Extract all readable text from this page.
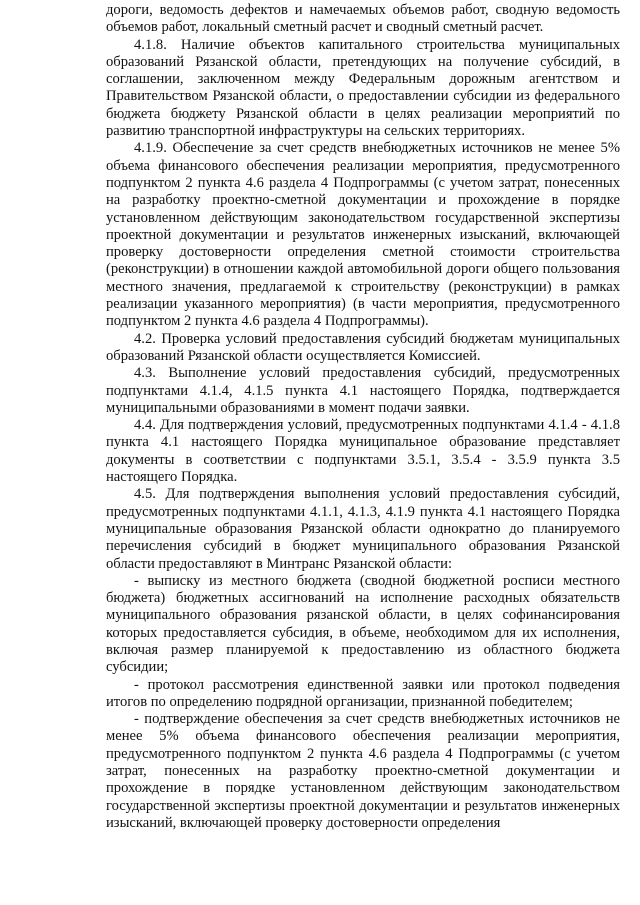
дороги, ведомость дефектов и намечаемых объемов работ, сводную ведомость объемов работ, локальный сметный расчет и сводный сметный расчет.

4.1.8. Наличие объектов капитального строительства муниципальных образований Рязанской области, претендующих на получение субсидий, в соглашении, заключенном между Федеральным дорожным агентством и Правительством Рязанской области, о предоставлении субсидии из федерального бюджета бюджету Рязанской области в целях реализации мероприятий по развитию транспортной инфраструктуры на сельских территориях.

4.1.9. Обеспечение за счет средств внебюджетных источников не менее 5% объема финансового обеспечения реализации мероприятия, предусмотренного подпунктом 2 пункта 4.6 раздела 4 Подпрограммы (с учетом затрат, понесенных на разработку проектно-сметной документации и прохождение в порядке установленном действующим законодательством государственной экспертизы проектной документации и результатов инженерных изысканий, включающей проверку достоверности определения сметной стоимости строительства (реконструкции) в отношении каждой автомобильной дороги общего пользования местного значения, предлагаемой к строительству (реконструкции) в рамках реализации указанного мероприятия) (в части мероприятия, предусмотренного подпунктом 2 пункта 4.6 раздела 4 Подпрограммы).

4.2. Проверка условий предоставления субсидий бюджетам муниципальных образований Рязанской области осуществляется Комиссией.

4.3. Выполнение условий предоставления субсидий, предусмотренных подпунктами 4.1.4, 4.1.5 пункта 4.1 настоящего Порядка, подтверждается муниципальными образованиями в момент подачи заявки.

4.4. Для подтверждения условий, предусмотренных подпунктами 4.1.4 - 4.1.8 пункта 4.1 настоящего Порядка муниципальное образование представляет документы в соответствии с подпунктами 3.5.1, 3.5.4 - 3.5.9 пункта 3.5 настоящего Порядка.

4.5. Для подтверждения выполнения условий предоставления субсидий, предусмотренных подпунктами 4.1.1, 4.1.3, 4.1.9 пункта 4.1 настоящего Порядка муниципальные образования Рязанской области однократно до планируемого перечисления субсидий в бюджет муниципального образования Рязанской области предоставляют в Минтранс Рязанской области:

- выписку из местного бюджета (сводной бюджетной росписи местного бюджета) бюджетных ассигнований на исполнение расходных обязательств муниципального образования рязанской области, в целях софинансирования которых предоставляется субсидия, в объеме, необходимом для их исполнения, включая размер планируемой к предоставлению из областного бюджета субсидии;

- протокол рассмотрения единственной заявки или протокол подведения итогов по определению подрядной организации, признанной победителем;

- подтверждение обеспечения за счет средств внебюджетных источников не менее 5% объема финансового обеспечения реализации мероприятия, предусмотренного подпунктом 2 пункта 4.6 раздела 4 Подпрограммы (с учетом затрат, понесенных на разработку проектно-сметной документации и прохождение в порядке установленном действующим законодательством государственной экспертизы проектной документации и результатов инженерных изысканий, включающей проверку достоверности определения
